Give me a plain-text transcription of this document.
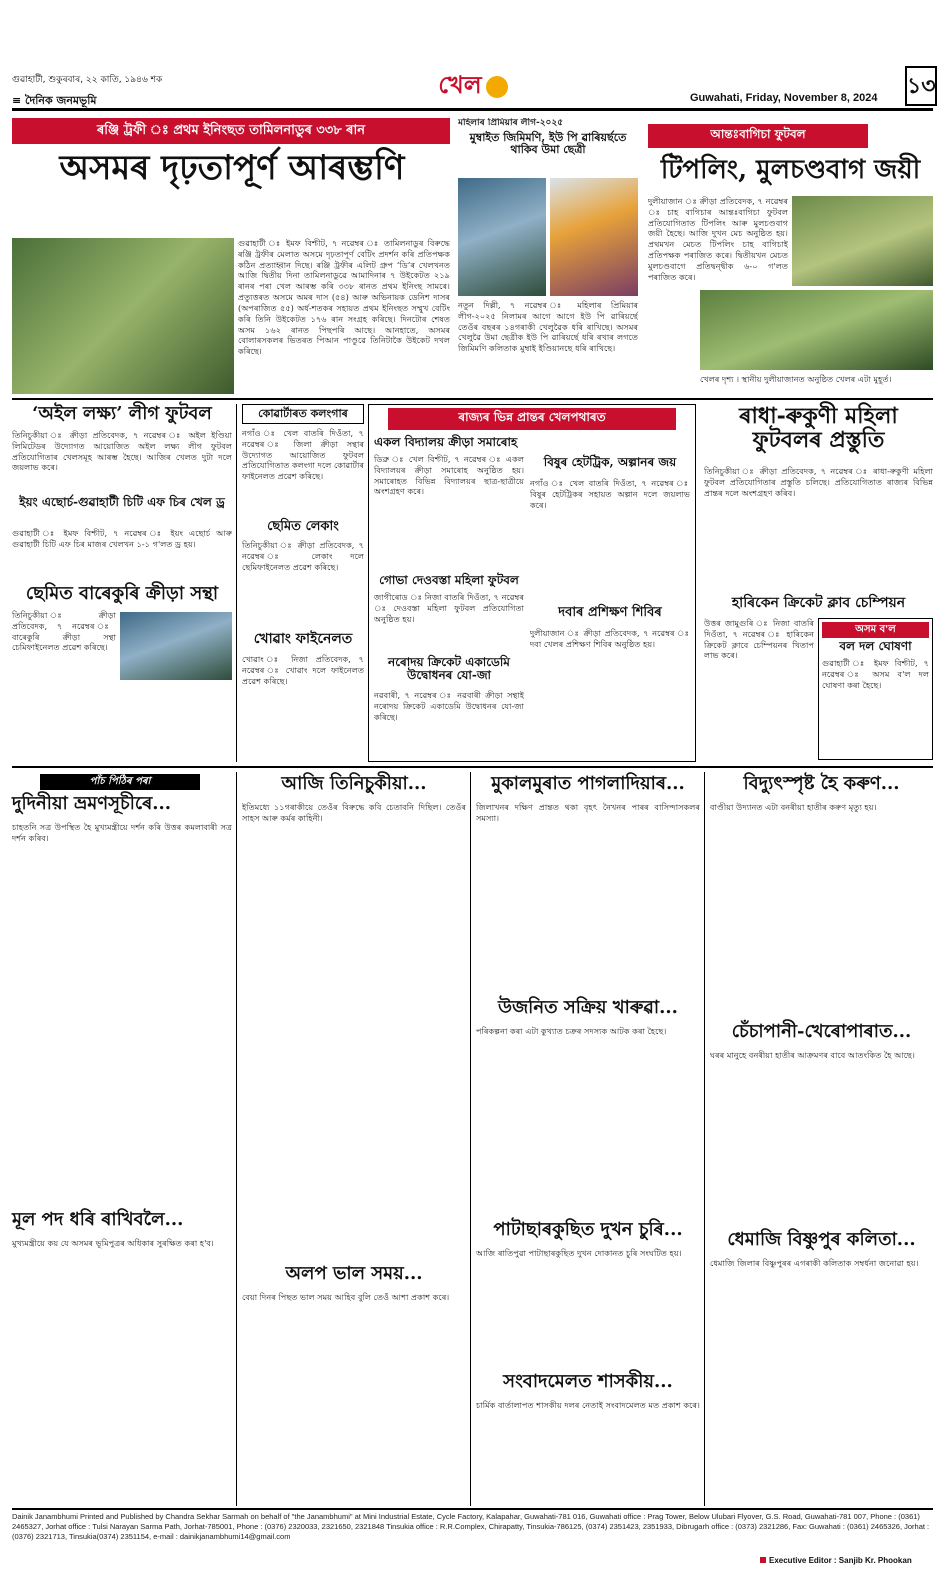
গুৱাহাটী, শুকুৰবাৰ, ২২ কাতি, ১৯৪৬ শক
≡ দৈনিক জনমভূমি
খেল	Guwahati, Friday, November 8, 2024 ১৩
ৰঞ্জি ট্ৰফী ঃ প্ৰথম ইনিংছত তামিলনাডুৰ ৩৩৮ ৰান
অসমৰ দৃঢ়তাপূৰ্ণ আৰম্ভণি
গুৱাহাটী ঃ ইমফ বিশ্চীট, ৭ নৱেম্বৰ ঃ তামিলনাডুৰ বিৰুদ্ধে ৰঞ্জি ট্ৰফীৰ মেলাত অসমে দৃঢ়তাপূৰ্ণ বেটিং প্ৰদৰ্শন কৰি প্ৰতিপক্ষক কঠিন প্ৰত্যাহ্বান দিছে। ৰঞ্জি ট্ৰফীৰ এলিট গ্ৰুপ ‘ডি’ৰ খেলখনত আজি দ্বিতীয় দিনা তামিলনাডুৱে আমাদিনাৰ ৭ উইকেটত ২১৯ ৰানৰ পৰা খেল আৰম্ভ কৰি ৩৩৮ ৰানত প্ৰথম ইনিংছ সামৰে। প্ৰত্যুত্তৰত অসমে অমৰ দাস (৫৪) আৰু অভিনায়ক ডেনিশ দাসৰ (অপৰাজিত ৫৫) অৰ্ধ-শতকৰ সহায়ত প্ৰথম ইনিংছত সম্মুখ বেটিং কৰি তিনি উইকেটত ১৭৬ ৰান সংগ্ৰহ কৰিছে। দিনটোৰ শেষত অসম ১৬২ ৰানত পিছপৰি আছে। আনহাতে, অসমৰ বোলাৰসকলৰ ভিতৰত পিআন পাণ্ডুৱে তিনিটাকৈ উইকেট দখল কৰিছে।
মহিলাৰ প্ৰিমিয়াৰ লীগ-২০২৫
মুম্বাইত জিমিমণি, ইউ পি ৱাৰিয়ৰ্ছতে থাকিব উমা ছেত্ৰী
নতুন দিল্লী, ৭ নৱেম্বৰ ঃ মহিলাৰ প্ৰিমিয়াৰ লীগ-২০২৫ নিলামৰ আগে আগে ইউ পি ৱাৰিয়ৰ্ছে তেওঁৰ বছৰৰ ১৪গৰাকী খেলুৱৈক ধৰি ৰাখিছে। অসমৰ খেলুৱৈ উমা ছেত্ৰীক ইউ পি ৱাৰিয়ৰ্ছে ধৰি ৰখাৰ লগতে জিমিমণি কলিতাক মুম্বাই ইণ্ডিয়ানছে ধৰি ৰাখিছে।
আন্তঃবাগিচা ফুটবল
টিপলিং, মুলচণ্ডবাগ জয়ী
দুলীয়াজান ঃ ক্ৰীড়া প্ৰতিবেদক, ৭ নৱেম্বৰ ঃ চাহ বাগিচাৰ আন্তঃবাগিচা ফুটবল প্ৰতিযোগিতাত টিপলিং আৰু মুলচণ্ডবাগ জয়ী হৈছে। আজি দুখন মেচ অনুষ্ঠিত হয়। প্ৰথমখন মেচত টিপলিং চাহ বাগিচাই প্ৰতিপক্ষক পৰাজিত কৰে। দ্বিতীয়খন মেচত মুলচণ্ডবাগে প্ৰতিদ্বন্দ্বীক ৬-০ গ'লত পৰাজিত কৰে।
খেলৰ দৃশ্য । স্থানীয় দুলীয়াজানত অনুষ্ঠিত খেলৰ এটা মুহূৰ্ত।
‘অইল লক্ষ্য’ লীগ ফুটবল
তিনিচুকীয়া ঃ ক্ৰীড়া প্ৰতিবেদক, ৭ নৱেম্বৰ ঃ অইল ইণ্ডিয়া লিমিটেডৰ উদ্যোগত আয়োজিত অইল লক্ষ্য লীগ ফুটবল প্ৰতিযোগিতাৰ খেলসমূহ আৰম্ভ হৈছে। আজিৰ খেলত দুটা দলে জয়লাভ কৰে।
ইয়ং এছোৰ্চ-গুৱাহাটী চিটি এফ চিৰ খেল ড্ৰ
গুৱাহাটী ঃ ইমফ বিশ্চীট, ৭ নৱেম্বৰ ঃ ইয়ং এছোৰ্চ আৰু গুৱাহাটী চিটি এফ চিৰ মাজৰ খেলখন ১-১ গ'লত ড্ৰ হয়।
ছেমিত বাৰেকুৰি ক্ৰীড়া সন্থা
তিনিচুকীয়া ঃ ক্ৰীড়া প্ৰতিবেদক, ৭ নৱেম্বৰ ঃ বাৰেকুৰি ক্ৰীড়া সন্থা চেমিফাইনেলত প্ৰৱেশ কৰিছে।
কোৱাৰ্টাৰত কলংগাৰ
নগাঁও ঃ খেল বাতৰি দিওঁতা, ৭ নৱেম্বৰ ঃ জিলা ক্ৰীড়া সন্থাৰ উদ্যোগত আয়োজিত ফুটবল প্ৰতিযোগিতাত কলংগা দলে কোৱাৰ্টাৰ ফাইনেলত প্ৰৱেশ কৰিছে।
ছেমিত লেকাং
তিনিচুকীয়া ঃ ক্ৰীড়া প্ৰতিবেদক, ৭ নৱেম্বৰ ঃ লেকাং দলে ছেমিফাইনেলত প্ৰৱেশ কৰিছে।
খোৱাং ফাইনেলত
খোৱাং ঃ নিজা প্ৰতিবেদক, ৭ নৱেম্বৰ ঃ খোৱাং দলে ফাইনেলত প্ৰৱেশ কৰিছে।
ৰাজ্যৰ ভিন্ন প্ৰান্তৰ খেলপথাৰত
একল বিদ্যালয় ক্ৰীড়া সমাৰোহ
ডিব্ৰু ঃ খেল বিশ্চীট, ৭ নৱেম্বৰ ঃ একল বিদ্যালয়ৰ ক্ৰীড়া সমাৰোহ অনুষ্ঠিত হয়। সমাৰোহত বিভিন্ন বিদ্যালয়ৰ ছাত্ৰ-ছাত্ৰীয়ে অংশগ্ৰহণ কৰে।
গোভা দেওবস্তা মহিলা ফুটবল
জাগীৰোড ঃ নিজা বাতৰি দিওঁতা, ৭ নৱেম্বৰ ঃ দেওবস্তা মহিলা ফুটবল প্ৰতিযোগিতা অনুষ্ঠিত হয়।
নৰোদয় ক্ৰিকেট একাডেমি উদ্বোধনৰ যো-জা
নৱবাৰী, ৭ নৱেম্বৰ ঃ নৱবাৰী ক্ৰীড়া সন্থাই নৰোদয় ক্ৰিকেট একাডেমি উদ্বোধনৰ যো-জা কৰিছে।
বিষুৰ হেটট্ৰিক, অল্পানৰ জয়
নগাঁও ঃ খেল বাতৰি দিওঁতা, ৭ নৱেম্বৰ ঃ বিষুৰ হেটট্ৰিকৰ সহায়ত অল্পান দলে জয়লাভ কৰে।
দবাৰ প্ৰশিক্ষণ শিবিৰ
দুলীয়াজান ঃ ক্ৰীড়া প্ৰতিবেদক, ৭ নৱেম্বৰ ঃ দবা খেলৰ প্ৰশিক্ষণ শিবিৰ অনুষ্ঠিত হয়।
ৰাধা-ৰুকুণী মহিলা ফুটবলৰ প্ৰস্তুতি
তিনিচুকীয়া ঃ ক্ৰীড়া প্ৰতিবেদক, ৭ নৱেম্বৰ ঃ ৰাধা-ৰুকুণী মহিলা ফুটবল প্ৰতিযোগিতাৰ প্ৰস্তুতি চলিছে। প্ৰতিযোগিতাত ৰাজ্যৰ বিভিন্ন প্ৰান্তৰ দলে অংশগ্ৰহণ কৰিব।
হাৰিকেন ক্ৰিকেট ক্লাব চেম্পিয়ন
উত্তৰ জামুগুৰি ঃ নিজা বাতৰি দিওঁতা, ৭ নৱেম্বৰ ঃ হাৰিকেন ক্ৰিকেট ক্লাবে চেম্পিয়নৰ খিতাপ লাভ কৰে।
অসম ব'ল
বল দল ঘোষণা
গুৱাহাটী ঃ ইমফ বিশ্চীট, ৭ নৱেম্বৰ ঃ অসম ব'ল দল ঘোষণা কৰা হৈছে।
পাঁচ পিঠিৰ পৰা
দুদিনীয়া ভ্ৰমণসূচীৰে...
চাহতনি সত্ৰ উপস্থিত হৈ মুখ্যমন্ত্ৰীয়ে দৰ্শন কৰি উত্তৰ কমলাবাৰী সত্ৰ দৰ্শন কৰিব।
মূল পদ ধৰি ৰাখিবলৈ...
মুখ্যমন্ত্ৰীয়ে কয় যে অসমৰ ভূমিপুত্ৰৰ অধিকাৰ সুৰক্ষিত কৰা হ'ব।
আজি তিনিচুকীয়া...
ইতিমধ্যে ১১গৰাকীয়ে তেওঁৰ বিৰুদ্ধে কবি চেতাবনি দিছিল। তেওঁৰ সাহস আৰু কৰ্মৰ কাহিনী।
অলপ ভাল সময়...
বেয়া দিনৰ পিছত ভাল সময় আহিব বুলি তেওঁ আশা প্ৰকাশ কৰে।
মুকালমুৰাত পাগলাদিয়াৰ...
জিলাখনৰ দক্ষিণ প্ৰান্তত থকা বৃহৎ নৈখনৰ পাৰৰ বাসিন্দাসকলৰ সমস্যা।
উজনিত সক্ৰিয় খাৰুৱা...
পৰিকল্পনা কৰা এটা কুখ্যাত চক্ৰৰ সদস্যক আটক কৰা হৈছে।
পাটাছাৰকুছিত দুখন চুৰি...
আজি ৰাতিপুৱা পাটাছাৰকুছিত দুখন দোকানত চুৰি সংঘটিত হয়।
সংবাদমেলত শাসকীয়...
চাৰ্মিক বাৰ্তালাপত শাসকীয় দলৰ নেতাই সংবাদমেলত মত প্ৰকাশ কৰে।
বিদ্যুৎস্পৃষ্ট হৈ কৰুণ...
বাণ্ডীয়া উদ্যানত এটা বনৰীয়া হাতীৰ কৰুণ মৃত্যু হয়।
চেঁচাপানী-খেৰোপাৰাত...
ঘৰৰ মানুহে বনৰীয়া হাতীৰ আক্ৰমণৰ বাবে আতংকিত হৈ আছে।
ধেমাজি বিষ্ণুপুৰ কলিতা...
ধেমাজি জিলাৰ বিষ্ণুপুৰৰ এগৰাকী কলিতাক সম্বৰ্ধনা জনোৱা হয়।
Dainik Janambhumi Printed and Published by Chandra Sekhar Sarmah on behalf of "the Janambhumi" at Mini Industrial Estate, Cycle Factory, Kalapahar, Guwahati-781 016, Guwahati office : Prag Tower, Below Ulubari Flyover, G.S. Road, Guwahati-781 007, Phone : (0361) 2465327, Jorhat office : Tulsi Narayan Sarma Path, Jorhat-785001, Phone : (0376) 2320033, 2321650, 2321848 Tinsukia office : R.R.Complex, Chirapatty, Tinsukia-786125, (0374) 2351423, 2351933, Dibrugarh office : (0373) 2321286, Fax: Guwahati : (0361) 2465326, Jorhat : (0376) 2321713, Tinsukia(0374) 2351154, e-mail : dainikjanambhumi14@gmail.com
Executive Editor : Sanjib Kr. Phookan
